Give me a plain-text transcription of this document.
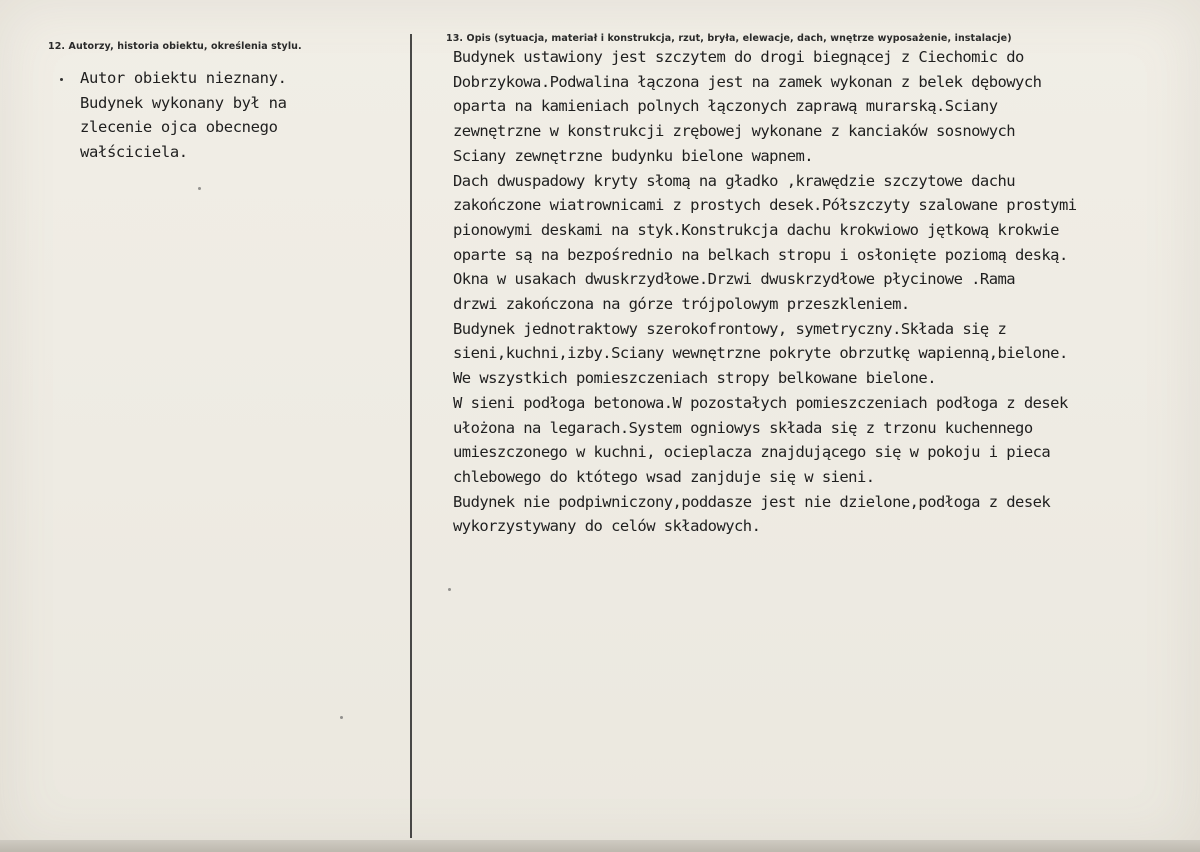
12. Autorzy, historia obiektu, określenia stylu.
Autor obiektu nieznany.
Budynek wykonany był na
zlecenie ojca obecnego
wałściciela.
13. Opis (sytuacja, materiał i konstrukcja, rzut, bryła, elewacje, dach, wnętrze wyposażenie, instalacje)
Budynek ustawiony jest szczytem do drogi biegnącej z Ciechomic do
Dobrzykowa.Podwalina łączona jest na zamek wykonan z belek dębowych
oparta na kamieniach polnych łączonych zaprawą murarską.Sciany
zewnętrzne w konstrukcji zrębowej wykonane z kanciaków sosnowych
Sciany zewnętrzne budynku bielone wapnem.
Dach dwuspadowy kryty słomą na gładko ,krawędzie szczytowe dachu
zakończone wiatrownicami z prostych desek.Półszczyty szalowane prostymi
pionowymi deskami na styk.Konstrukcja dachu krokwiowo jętkową krokwie
oparte są na bezpośrednio na belkach stropu i osłonięte poziomą deską.
Okna w usakach dwuskrzydłowe.Drzwi dwuskrzydłowe płycinowe .Rama
drzwi zakończona na górze trójpolowym przeszkleniem.
Budynek jednotraktowy szerokofrontowy, symetryczny.Składa się z
sieni,kuchni,izby.Sciany wewnętrzne pokryte obrzutkę wapienną,bielone.
We wszystkich pomieszczeniach stropy belkowane bielone.
W sieni podłoga betonowa.W pozostałych pomieszczeniach podłoga z desek
ułożona na legarach.System ogniowys składa się z trzonu kuchennego
umieszczonego w kuchni, ocieplacza znajdującego się w pokoju i pieca
chlebowego do któtego wsad zanjduje się w sieni.
Budynek nie podpiwniczony,poddasze jest nie dzielone,podłoga z desek
wykorzystywany do celów składowych.
